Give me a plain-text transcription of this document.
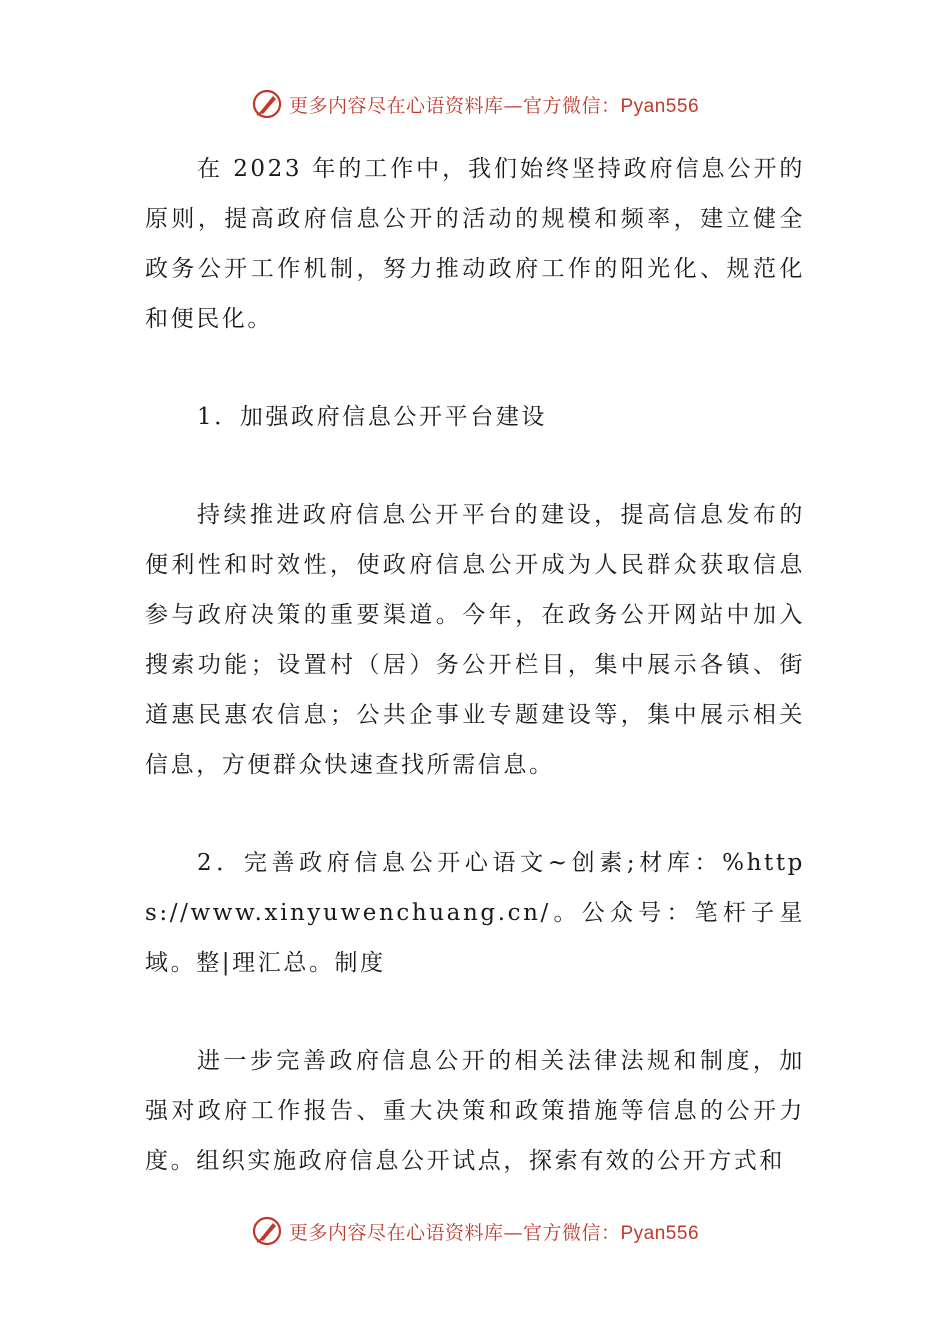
更多内容尽在心语资料库—官方微信：Pyan556

在 2023 年的工作中，我们始终坚持政府信息公开的原则，提高政府信息公开的活动的规模和频率，建立健全政务公开工作机制，努力推动政府工作的阳光化、规范化和便民化。

1．加强政府信息公开平台建设

持续推进政府信息公开平台的建设，提高信息发布的便利性和时效性，使政府信息公开成为人民群众获取信息参与政府决策的重要渠道。今年，在政务公开网站中加入搜索功能；设置村（居）务公开栏目，集中展示各镇、街道惠民惠农信息；公共企事业专题建设等，集中展示相关信息，方便群众快速查找所需信息。

2．完善政府信息公开心语文~创素;材库：%https://www.xinyuwenchuang.cn/。公众号：笔杆子星域。整|理汇总。制度

进一步完善政府信息公开的相关法律法规和制度，加强对政府工作报告、重大决策和政策措施等信息的公开力度。组织实施政府信息公开试点，探索有效的公开方式和

更多内容尽在心语资料库—官方微信：Pyan556
